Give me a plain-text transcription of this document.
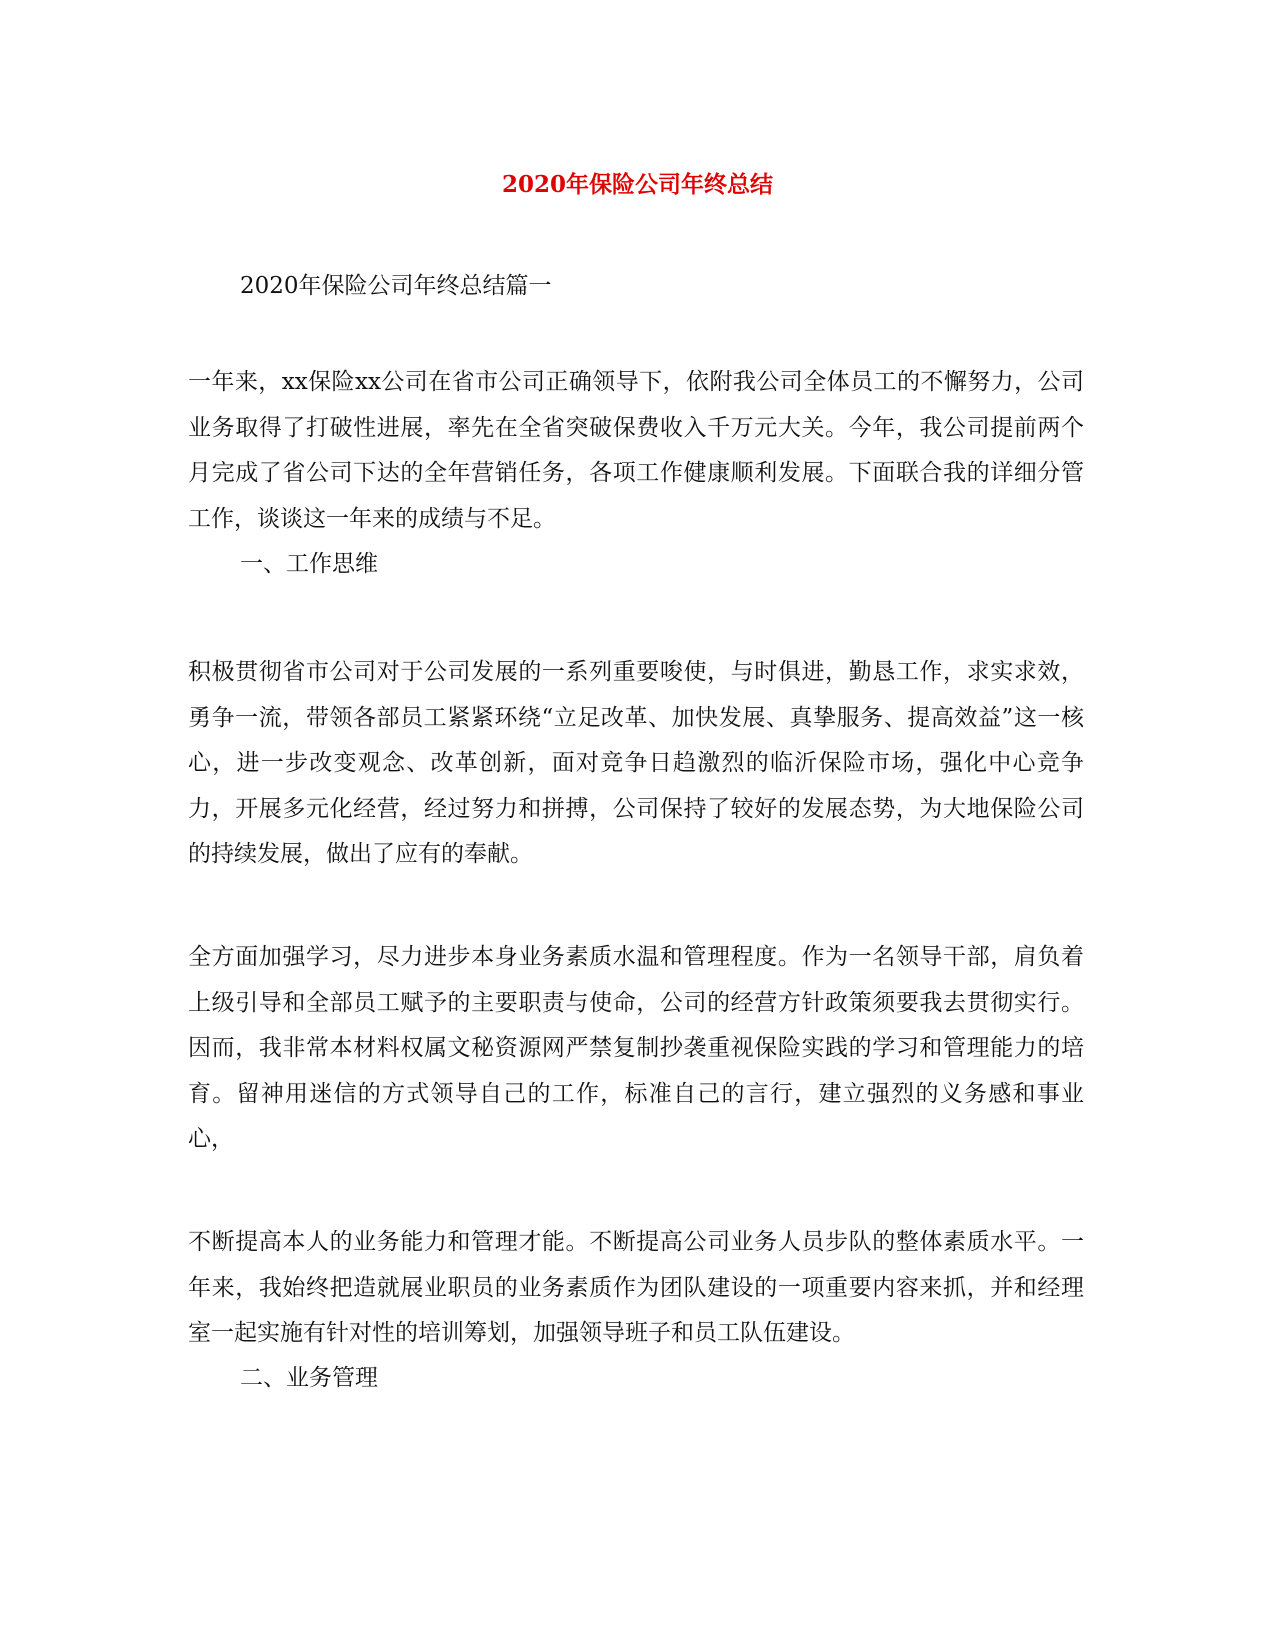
2020年保险公司年终总结

2020年保险公司年终总结篇一

一年来，xx保险xx公司在省市公司正确领导下，依附我公司全体员工的不懈努力，公司业务取得了打破性进展，率先在全省突破保费收入千万元大关。今年，我公司提前两个月完成了省公司下达的全年营销任务，各项工作健康顺利发展。下面联合我的详细分管工作，谈谈这一年来的成绩与不足。

一、工作思维

积极贯彻省市公司对于公司发展的一系列重要唆使，与时俱进，勤恳工作，求实求效，勇争一流，带领各部员工紧紧环绕“立足改革、加快发展、真挚服务、提高效益”这一核心，进一步改变观念、改革创新，面对竞争日趋激烈的临沂保险市场，强化中心竞争力，开展多元化经营，经过努力和拼搏，公司保持了较好的发展态势，为大地保险公司的持续发展，做出了应有的奉献。

全方面加强学习，尽力进步本身业务素质水温和管理程度。作为一名领导干部，肩负着上级引导和全部员工赋予的主要职责与使命，公司的经营方针政策须要我去贯彻实行。因而，我非常本材料权属文秘资源网严禁复制抄袭重视保险实践的学习和管理能力的培育。留神用迷信的方式领导自己的工作，标准自己的言行，建立强烈的义务感和事业心，

不断提高本人的业务能力和管理才能。不断提高公司业务人员步队的整体素质水平。一年来，我始终把造就展业职员的业务素质作为团队建设的一项重要内容来抓，并和经理室一起实施有针对性的培训筹划，加强领导班子和员工队伍建设。

二、业务管理
